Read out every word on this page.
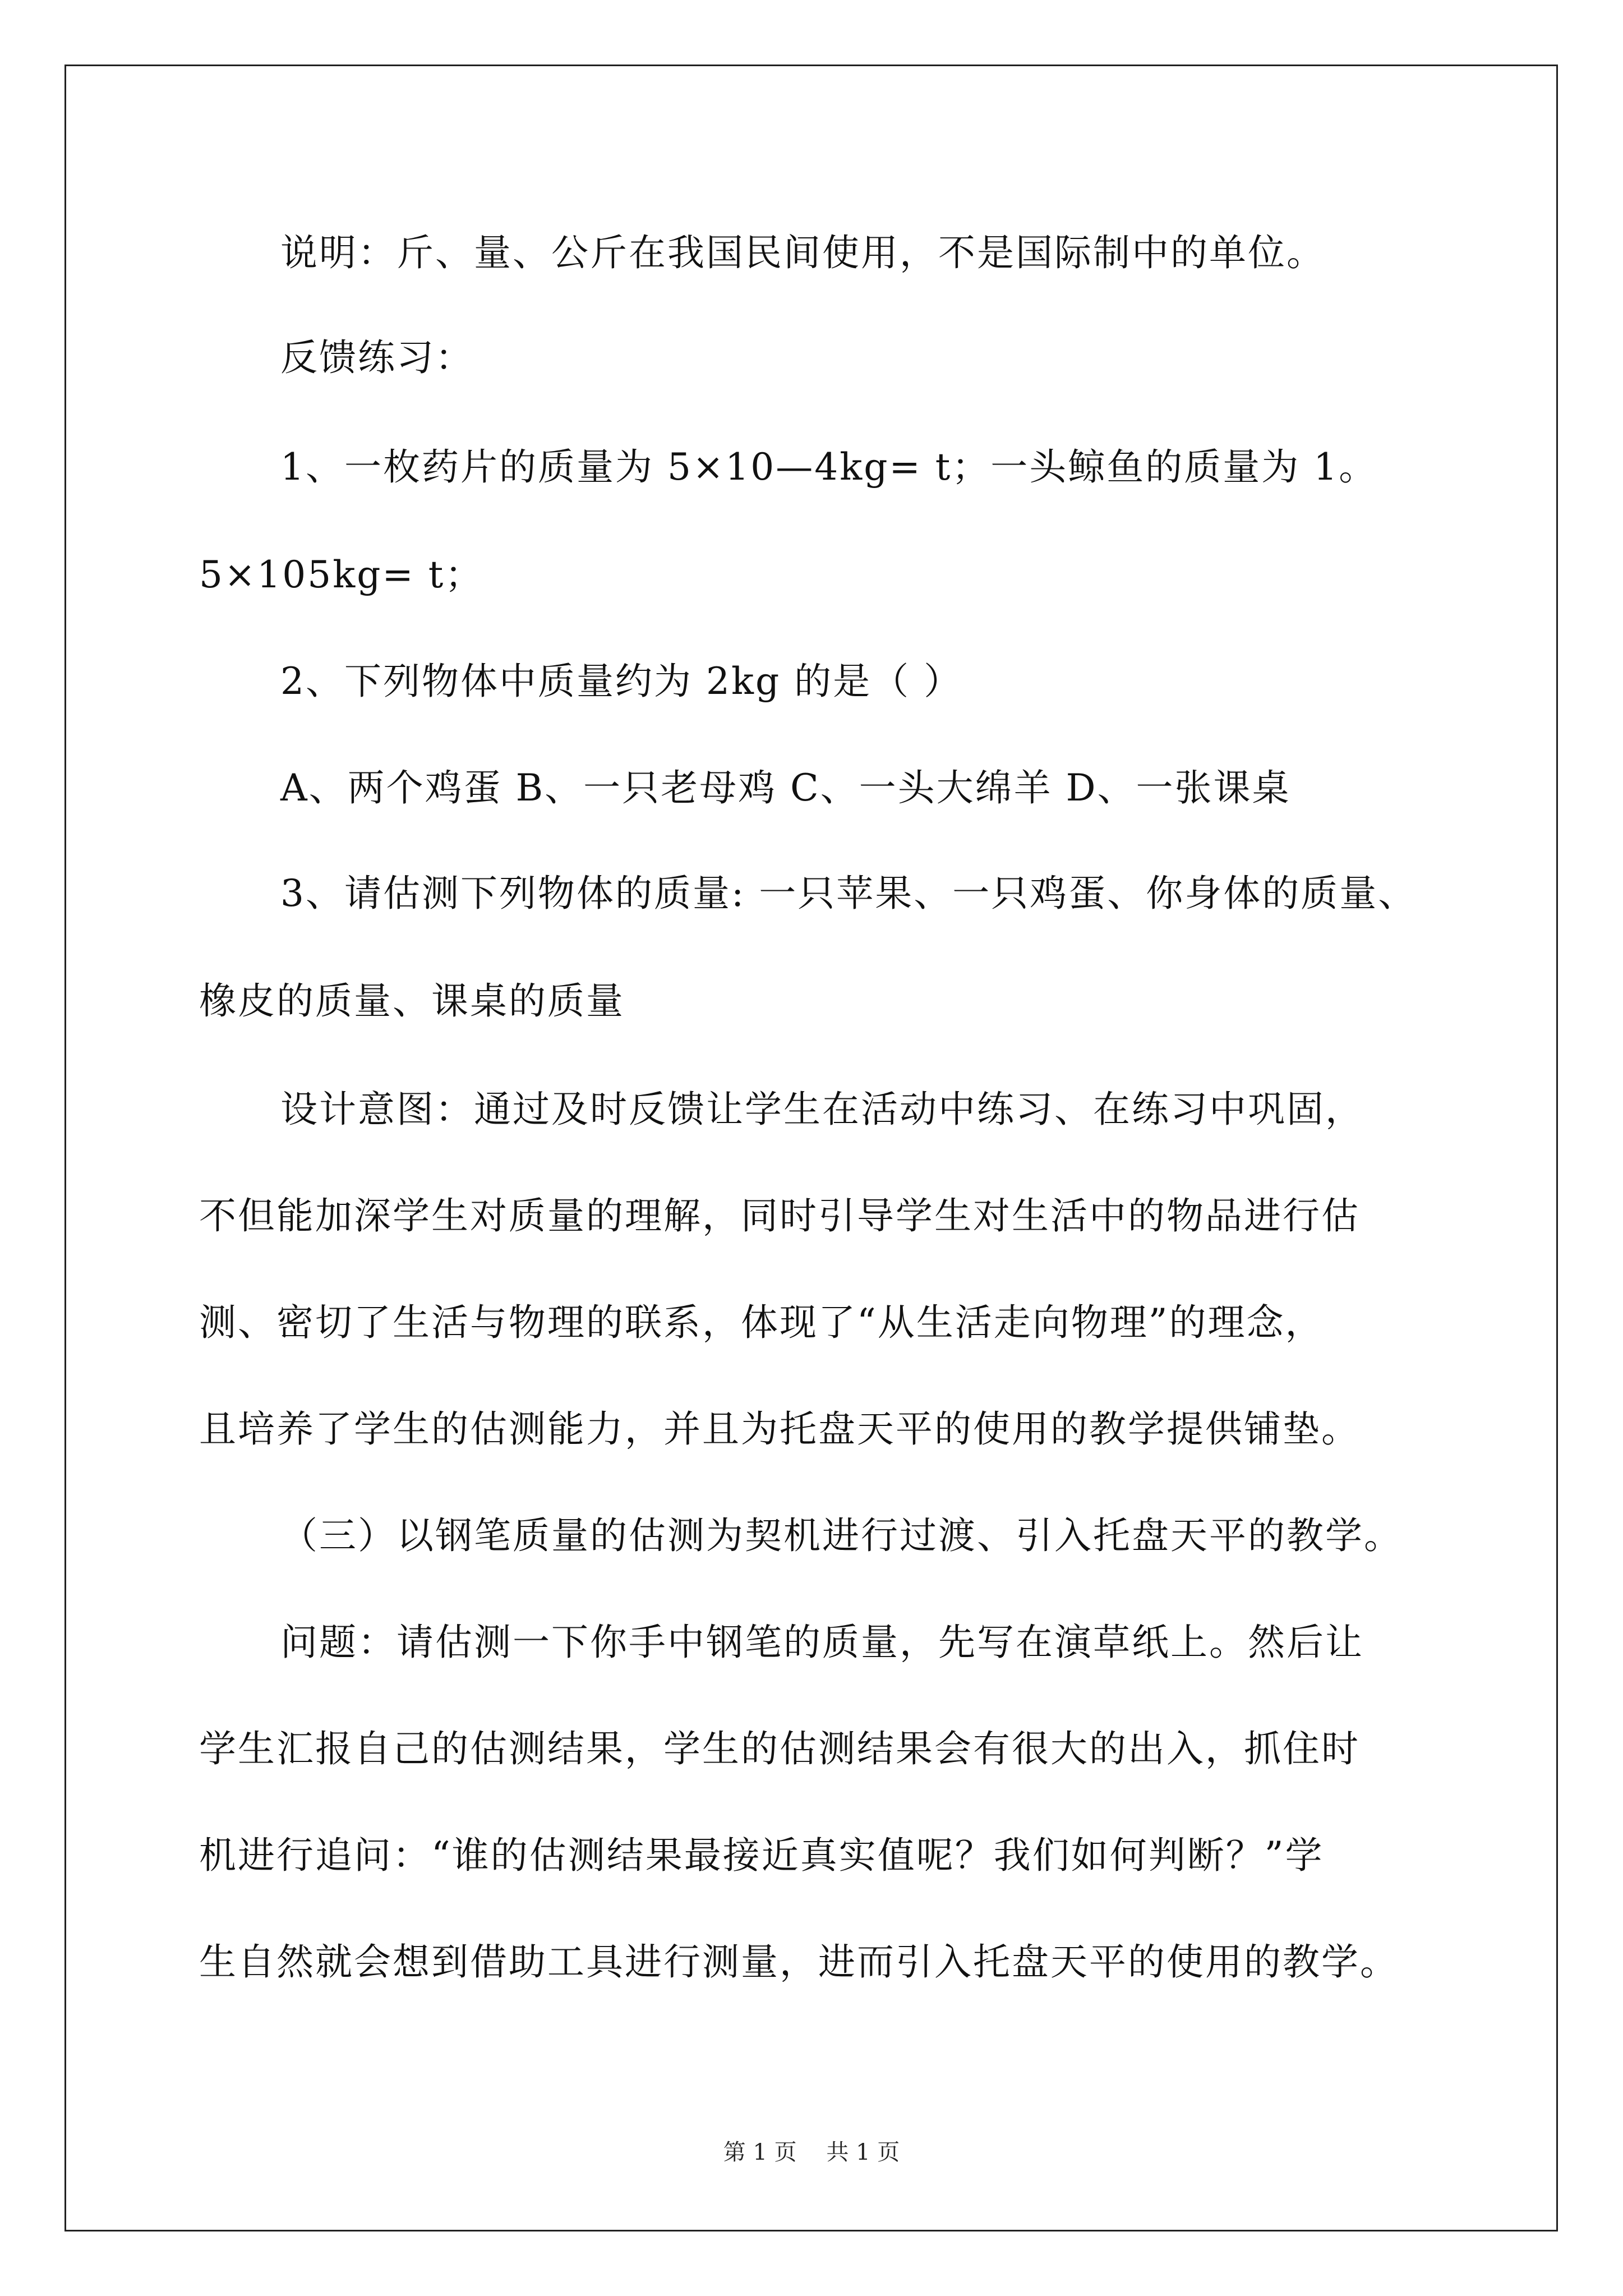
说明：斤、量、公斤在我国民间使用，不是国际制中的单位。
反馈练习：
1、一枚药片的质量为 5×10—4kg= t；一头鲸鱼的质量为 1。
5×105kg= t；
2、下列物体中质量约为 2kg 的是（ ）
A、两个鸡蛋 B、一只老母鸡 C、一头大绵羊 D、一张课桌
3、请估测下列物体的质量: 一只苹果、一只鸡蛋、你身体的质量、
橡皮的质量、课桌的质量
设计意图：通过及时反馈让学生在活动中练习、在练习中巩固，
不但能加深学生对质量的理解，同时引导学生对生活中的物品进行估
测、密切了生活与物理的联系，体现了“从生活走向物理”的理念，
且培养了学生的估测能力，并且为托盘天平的使用的教学提供铺垫。
（三）以钢笔质量的估测为契机进行过渡、引入托盘天平的教学。
问题：请估测一下你手中钢笔的质量，先写在演草纸上。然后让
学生汇报自己的估测结果，学生的估测结果会有很大的出入，抓住时
机进行追问：“谁的估测结果最接近真实值呢？我们如何判断？”学
生自然就会想到借助工具进行测量，进而引入托盘天平的使用的教学。
第 1 页 共 1 页
